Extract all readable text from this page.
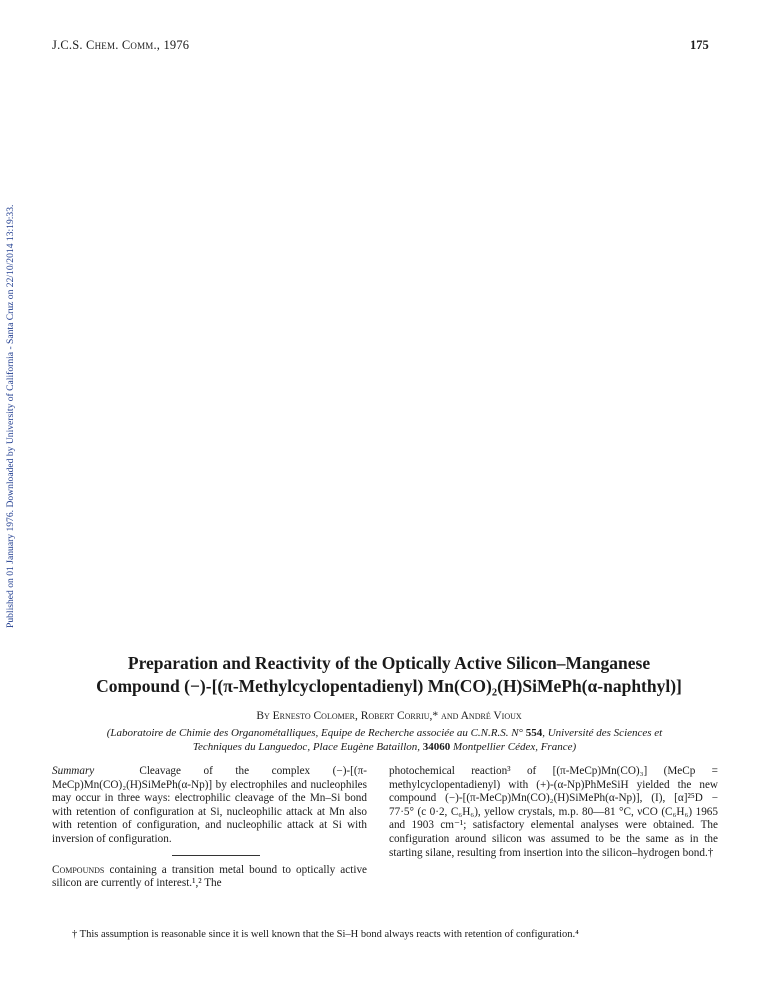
J.C.S. Chem. Comm., 1976	175
Published on 01 January 1976. Downloaded by University of California - Santa Cruz on 22/10/2014 13:19:33.
Preparation and Reactivity of the Optically Active Silicon–Manganese
Compound (−)-[(π-Methylcyclopentadienyl) Mn(CO)₂(H)SiMePh(α-naphthyl)]
By Ernesto Colomer, Robert Corriu,* and André Vioux
(Laboratoire de Chimie des Organométalliques, Equipe de Recherche associée au C.N.R.S. N° 554, Université des Sciences et
Techniques du Languedoc, Place Eugène Bataillon, 34060 Montpellier Cédex, France)

Summary	Cleavage of the complex (−)-[(π-MeCp)Mn(CO)₂(H)SiMePh(α-Np)] by electrophiles and nucleophiles may occur in three ways: electrophilic cleavage of the Mn–Si bond with retention of configuration at Si, nucleophilic attack at Mn also with retention of configuration, and nucleophilic attack at Si with inversion of configuration.

Compounds containing a transition metal bound to optically active silicon are currently of interest.¹,² The

photochemical reaction³ of [(π-MeCp)Mn(CO)₃] (MeCp = methylcyclopentadienyl) with (+)-(α-Np)PhMeSiH yielded the new compound (−)-[(π-MeCp)Mn(CO)₂(H)SiMePh(α-Np)], (I), [α]²⁵D − 77·5° (c 0·2, C₆H₆), yellow crystals, m.p. 80—81 °C, νCO (C₆H₆) 1965 and 1903 cm⁻¹; satisfactory elemental analyses were obtained. The configuration around silicon was assumed to be the same as in the starting silane, resulting from insertion into the silicon–hydrogen bond.†

† This assumption is reasonable since it is well known that the Si–H bond always reacts with retention of configuration.⁴
